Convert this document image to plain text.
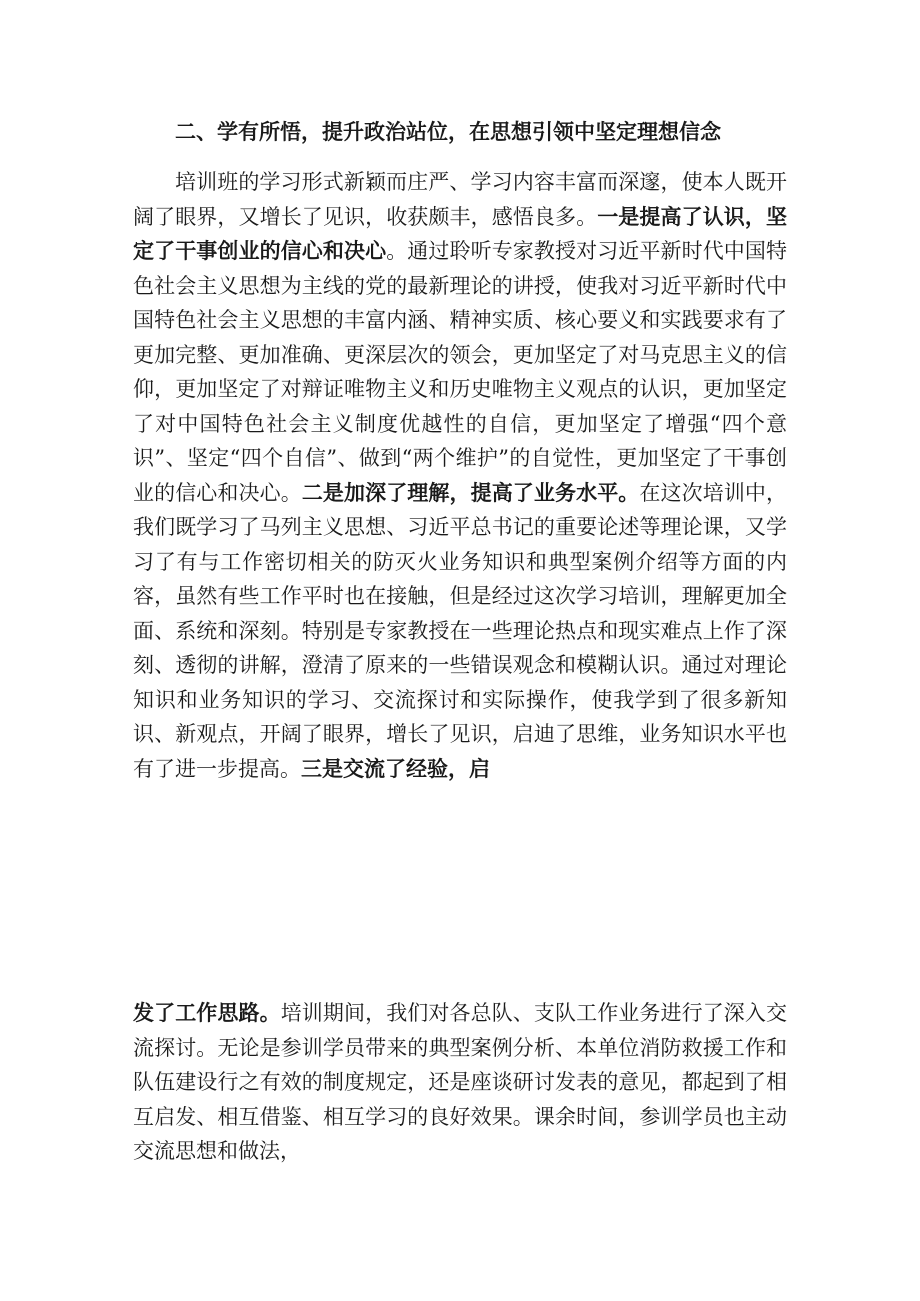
二、学有所悟，提升政治站位，在思想引领中坚定理想信念

培训班的学习形式新颖而庄严、学习内容丰富而深邃，使本人既开阔了眼界，又增长了见识，收获颇丰，感悟良多。一是提高了认识，坚定了干事创业的信心和决心。通过聆听专家教授对习近平新时代中国特色社会主义思想为主线的党的最新理论的讲授，使我对习近平新时代中国特色社会主义思想的丰富内涵、精神实质、核心要义和实践要求有了更加完整、更加准确、更深层次的领会，更加坚定了对马克思主义的信仰，更加坚定了对辩证唯物主义和历史唯物主义观点的认识，更加坚定了对中国特色社会主义制度优越性的自信，更加坚定了增强“四个意识”、坚定“四个自信”、做到“两个维护”的自觉性，更加坚定了干事创业的信心和决心。二是加深了理解，提高了业务水平。在这次培训中，我们既学习了马列主义思想、习近平总书记的重要论述等理论课，又学习了有与工作密切相关的防灭火业务知识和典型案例介绍等方面的内容，虽然有些工作平时也在接触，但是经过这次学习培训，理解更加全面、系统和深刻。特别是专家教授在一些理论热点和现实难点上作了深刻、透彻的讲解，澄清了原来的一些错误观念和模糊认识。通过对理论知识和业务知识的学习、交流探讨和实际操作，使我学到了很多新知识、新观点，开阔了眼界，增长了见识，启迪了思维，业务知识水平也有了进一步提高。三是交流了经验，启

发了工作思路。培训期间，我们对各总队、支队工作业务进行了深入交流探讨。无论是参训学员带来的典型案例分析、本单位消防救援工作和队伍建设行之有效的制度规定，还是座谈研讨发表的意见，都起到了相互启发、相互借鉴、相互学习的良好效果。课余时间，参训学员也主动交流思想和做法，
